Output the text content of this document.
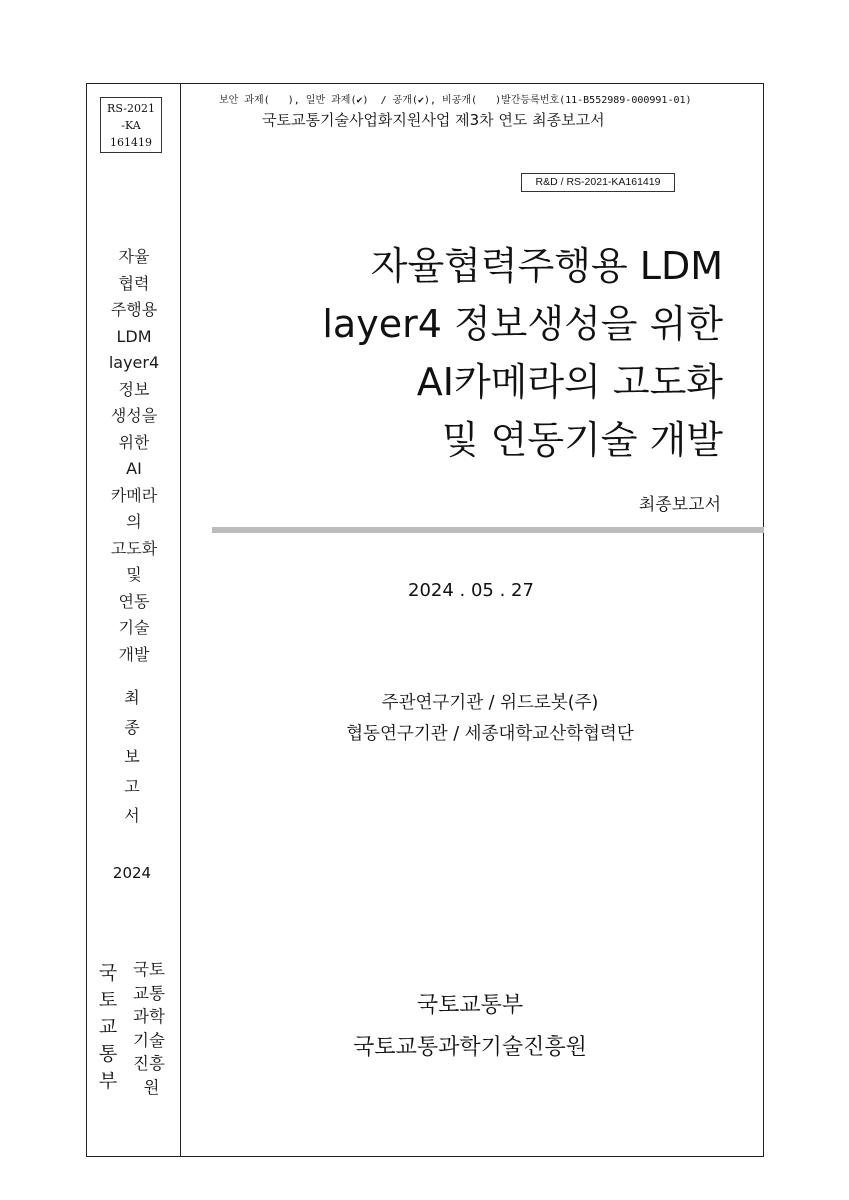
RS-2021
-KA
161419
자율
협력
주행용
LDM
layer4
정보
생성을
위한
AI
카메라
의
고도화
및
연동
기술
개발
최
종
보
고
서
2024
국
토
교
통
부
국토
교통
과학
기술
진흥
원
보안 과제(   ), 일반 과제(✔)  / 공개(✔), 비공개(   )발간등록번호(11-B552989-000991-01)
국토교통기술사업화지원사업 제3차 연도 최종보고서
R&D / RS-2021-KA161419
자율협력주행용 LDM
layer4 정보생성을 위한
AI카메라의 고도화
및 연동기술 개발
최종보고서
2024 . 05 . 27
주관연구기관 / 위드로봇(주)
협동연구기관 / 세종대학교산학협력단
국토교통부
국토교통과학기술진흥원
